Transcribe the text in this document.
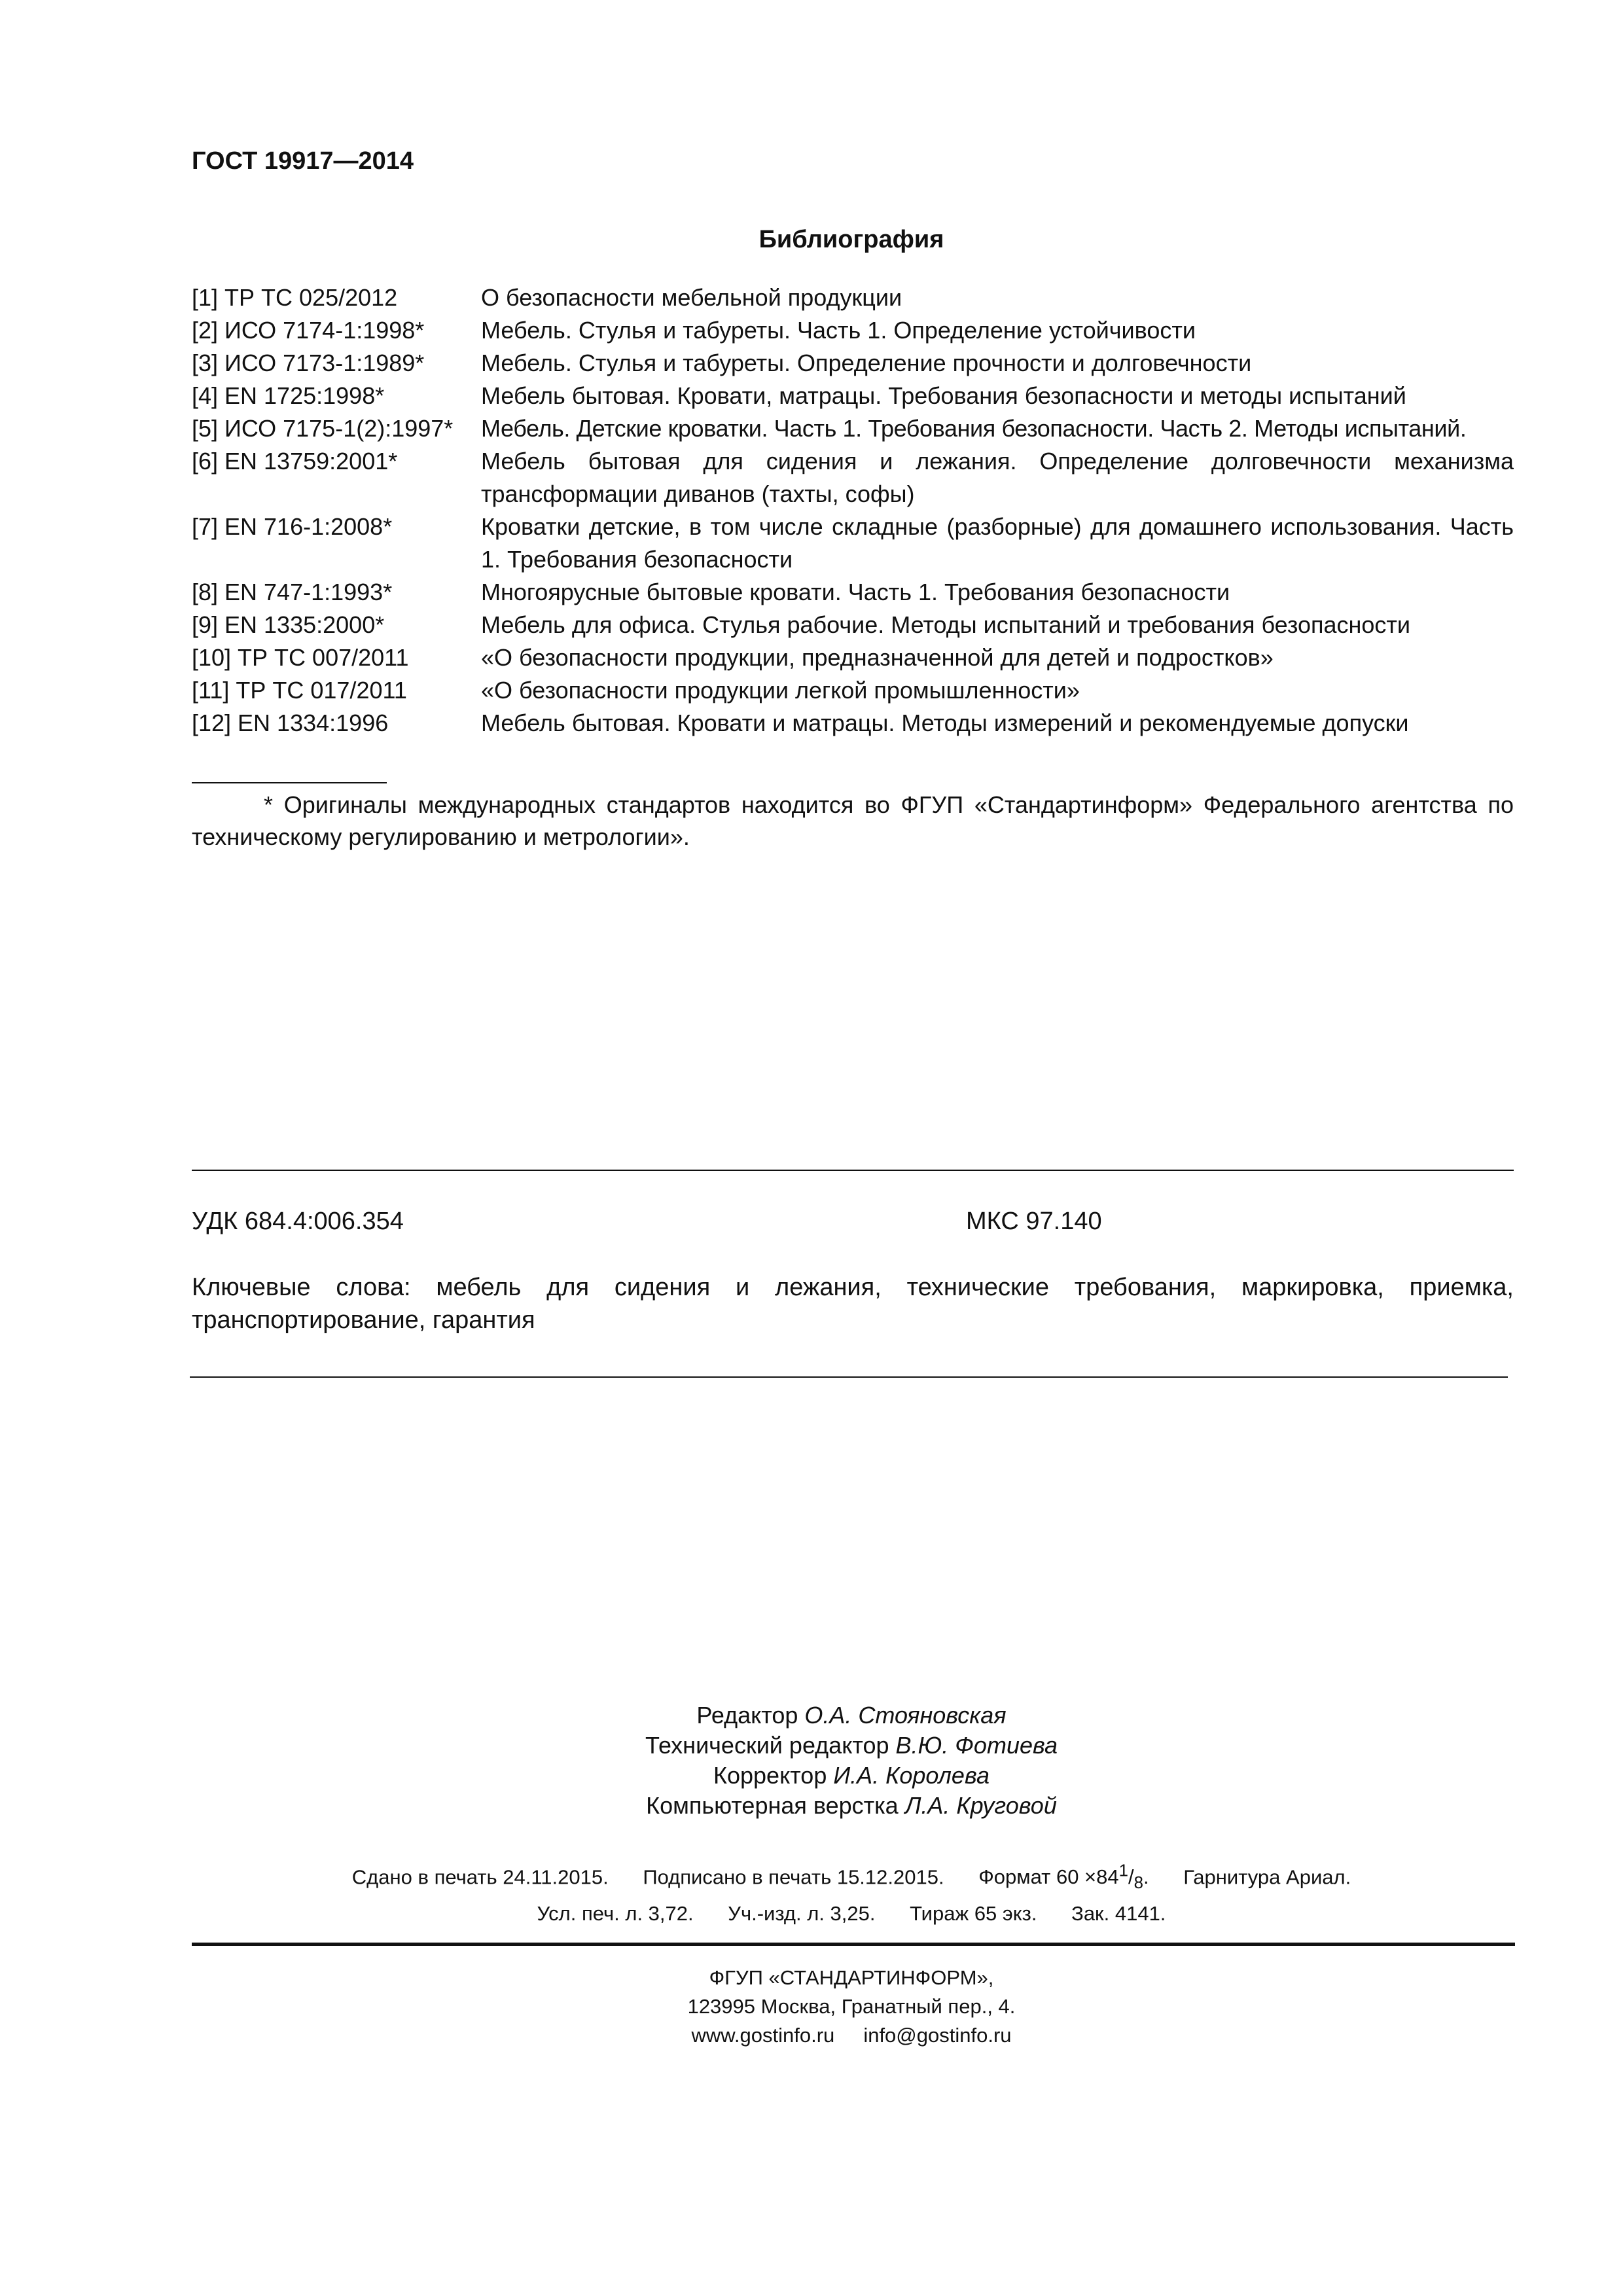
ГОСТ 19917—2014
Библиография
[1] ТР ТС 025/2012	О безопасности мебельной продукции
[2] ИСО 7174-1:1998*	Мебель. Стулья и табуреты. Часть 1. Определение устойчивости
[3] ИСО 7173-1:1989*	Мебель. Стулья и табуреты. Определение прочности и долговечности
[4] EN 1725:1998*	Мебель бытовая. Кровати, матрацы. Требования безопасности и методы испытаний
[5] ИСО 7175-1(2):1997*	Мебель. Детские кроватки. Часть 1. Требования безопасности. Часть 2. Методы испытаний.
[6] EN 13759:2001*	Мебель бытовая для сидения и лежания. Определение долговечности механизма трансформации диванов (тахты, софы)
[7] EN 716-1:2008*	Кроватки детские, в том числе складные (разборные) для домашнего использования. Часть 1. Требования безопасности
[8] EN 747-1:1993*	Многоярусные бытовые кровати. Часть 1. Требования безопасности
[9] EN 1335:2000*	Мебель для офиса. Стулья рабочие. Методы испытаний и требования безопасности
[10] ТР ТС 007/2011	«О безопасности продукции, предназначенной для детей и подростков»
[11] ТР ТС 017/2011	«О безопасности продукции легкой промышленности»
[12] EN 1334:1996	Мебель бытовая. Кровати и матрацы. Методы измерений и рекомендуемые допуски
* Оригиналы международных стандартов находится во ФГУП «Стандартинформ» Федерального агентства по техническому регулированию и метрологии».
УДК 684.4:006.354	МКС 97.140
Ключевые слова: мебель для сидения и лежания, технические требования, маркировка, приемка, транспортирование, гарантия
Редактор О.А. Стояновская
Технический редактор В.Ю. Фотиева
Корректор И.А. Королева
Компьютерная верстка Л.А. Круговой
Сдано в печать 24.11.2015. Подписано в печать 15.12.2015. Формат $60 \times 84^1/_8$. Гарнитура Ариал.
Усл. печ. л. 3,72. Уч.-изд. л. 3,25. Тираж 65 экз. Зак. 4141.
ФГУП «СТАНДАРТИНФОРМ»,
123995 Москва, Гранатный пер., 4.
www.gostinfo.ru info@gostinfo.ru
